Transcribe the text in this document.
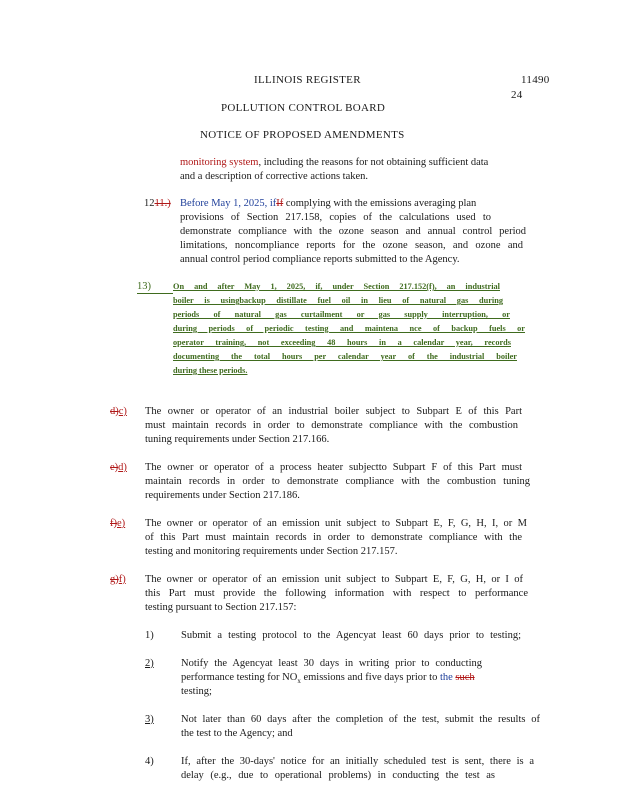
ILLINOIS REGISTER	11490
24
POLLUTION CONTROL BOARD
NOTICE OF PROPOSED AMENDMENTS
monitoring system, including the reasons for not obtaining sufficient data
and a description of corrective actions taken.
1211.) Before May 1, 2025, ifIf complying with the emissions averaging plan
provisions of Section 217.158, copies of the calculations used to
demonstrate compliance with the ozone season and annual control period
limitations, noncompliance reports for the ozone season, and ozone and
annual control period compliance reports submitted to the Agency.
13)	On and after May 1, 2025, if, under Section 217.152(f), an industrial
boiler is usingbackup distillate fuel oil in lieu of natural gas during
periods of natural gas curtailment or gas supply interruption, or
during periods of periodic testing and maintena nce of backup fuels or
operator training, not exceeding 48 hours in a calendar year, records
documenting the total hours per calendar year of the industrial boiler
during these periods.
d)c) The owner or operator of an industrial boiler subject to Subpart E of this Part
must maintain records in order to demonstrate compliance with the combustion
tuning requirements under Section 217.166.
e)d) The owner or operator of a process heater subjectto Subpart F of this Part must
maintain records in order to demonstrate compliance with the combustion tuning
requirements under Section 217.186.
f)e) The owner or operator of an emission unit subject to Subpart E, F, G, H, I, or M
of this Part must maintain records in order to demonstrate compliance with the
testing and monitoring requirements under Section 217.157.
g)f) The owner or operator of an emission unit subject to Subpart E, F, G, H, or I of
this Part must provide the following information with respect to performance
testing pursuant to Section 217.157:
1)	Submit a testing protocol to the Agencyat least 60 days prior to testing;
2)	Notify the Agencyat least 30 days in writing prior to conducting
performance testing for $NO_x$ emissions and five days prior to the such
testing;
3)	Not later than 60 days after the completion of the test, submit the results of
the test to the Agency; and
4)	If, after the 30-days' notice for an initially scheduled test is sent, there is a
delay (e.g., due to operational problems) in conducting the test as
